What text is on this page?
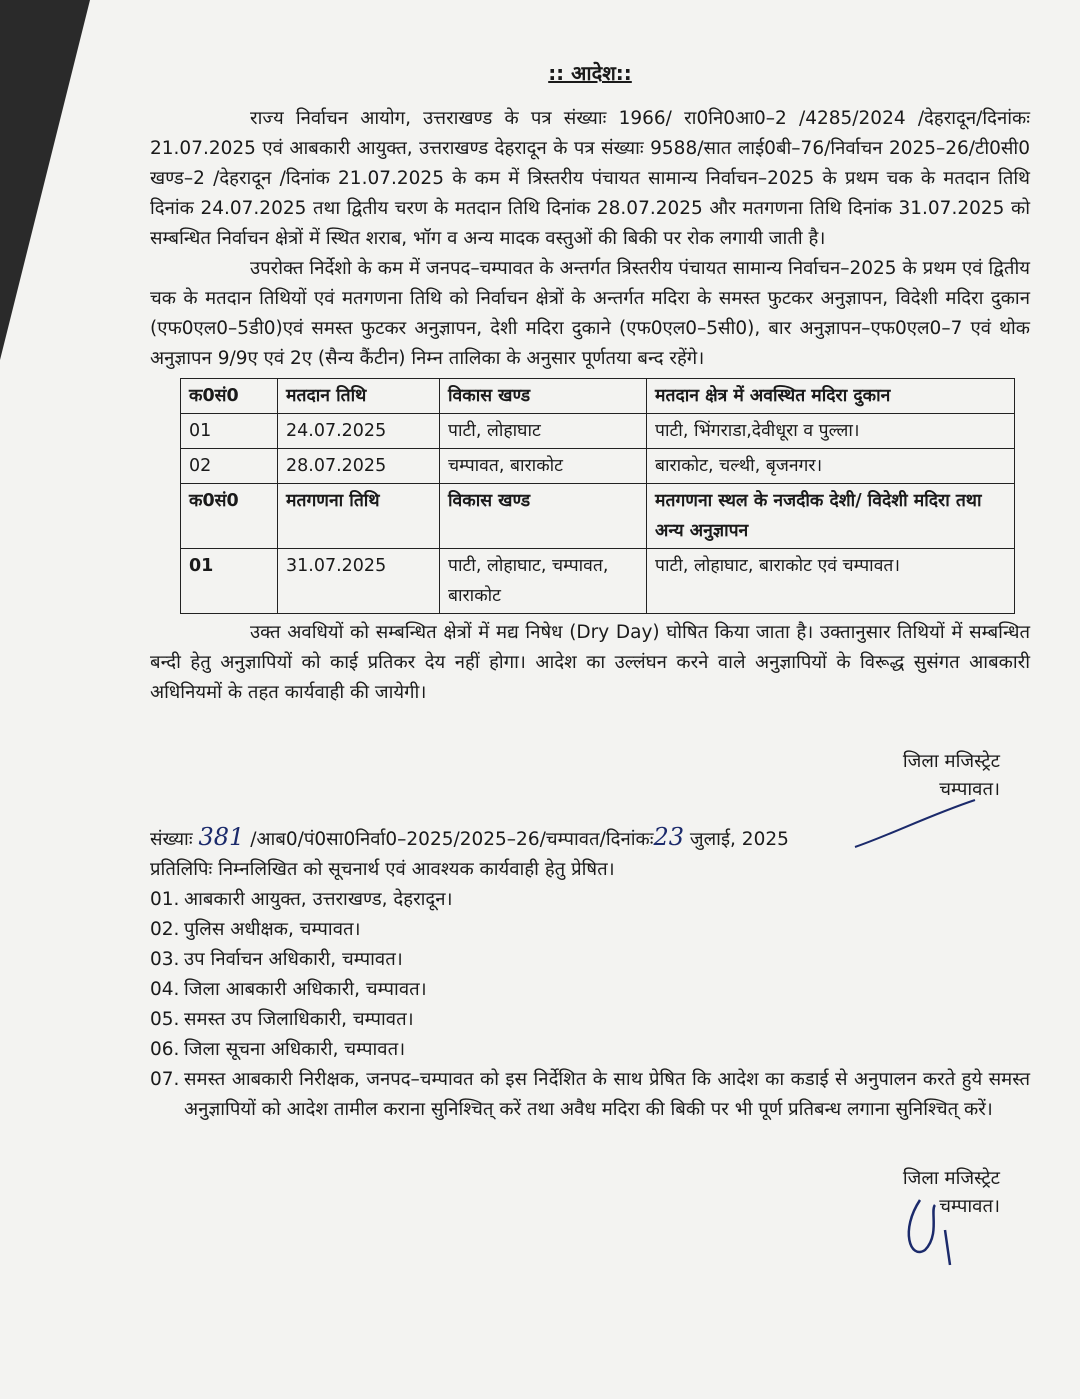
:: आदेश::

राज्य निर्वाचन आयोग, उत्तराखण्ड के पत्र संख्याः 1966/ रा0नि0आ0–2 /4285/2024 /देहरादून/दिनांकः 21.07.2025 एवं आबकारी आयुक्त, उत्तराखण्ड देहरादून के पत्र संख्याः 9588/सात लाई0बी–76/निर्वाचन 2025–26/टी0सी0 खण्ड–2 /देहरादून /दिनांक 21.07.2025 के कम में त्रिस्तरीय पंचायत सामान्य निर्वाचन–2025 के प्रथम चक के मतदान तिथि दिनांक 24.07.2025 तथा द्वितीय चरण के मतदान तिथि दिनांक 28.07.2025 और मतगणना तिथि दिनांक 31.07.2025 को सम्बन्धित निर्वाचन क्षेत्रों में स्थित शराब, भॉग व अन्य मादक वस्तुओं की बिकी पर रोक लगायी जाती है।

उपरोक्त निर्देशो के कम में जनपद–चम्पावत के अन्तर्गत त्रिस्तरीय पंचायत सामान्य निर्वाचन–2025 के प्रथम एवं द्वितीय चक के मतदान तिथियों एवं मतगणना तिथि को निर्वाचन क्षेत्रों के अन्तर्गत मदिरा के समस्त फुटकर अनुज्ञापन, विदेशी मदिरा दुकान (एफ0एल0–5डी0)एवं समस्त फुटकर अनुज्ञापन, देशी मदिरा दुकाने (एफ0एल0–5सी0), बार अनुज्ञापन–एफ0एल0–7 एवं थोक अनुज्ञापन 9/9ए एवं 2ए (सैन्य कैंटीन) निम्न तालिका के अनुसार पूर्णतया बन्द रहेंगे।

क0सं0	मतदान तिथि	विकास खण्ड	मतदान क्षेत्र में अवस्थित मदिरा दुकान
01	24.07.2025	पाटी, लोहाघाट	पाटी, भिंगराडा,देवीधूरा व पुल्ला।
02	28.07.2025	चम्पावत, बाराकोट	बाराकोट, चल्थी, बृजनगर।
क0सं0	मतगणना तिथि	विकास खण्ड	मतगणना स्थल के नजदीक देशी/ विदेशी मदिरा तथा अन्य अनुज्ञापन
01	31.07.2025	पाटी, लोहाघाट, चम्पावत, बाराकोट	पाटी, लोहाघाट, बाराकोट एवं चम्पावत।

उक्त अवधियों को सम्बन्धित क्षेत्रों में मद्य निषेध (Dry Day) घोषित किया जाता है। उक्तानुसार तिथियों में सम्बन्धित बन्दी हेतु अनुज्ञापियों को काई प्रतिकर देय नहीं होगा। आदेश का उल्लंघन करने वाले अनुज्ञापियों के विरूद्ध सुसंगत आबकारी अधिनियमों के तहत कार्यवाही की जायेगी।

जिला मजिस्ट्रेट
चम्पावत।
संख्याः 381 /आब0/पं0सा0निर्वा0–2025/2025–26/चम्पावत/दिनांकः23 जुलाई, 2025
प्रतिलिपिः निम्नलिखित को सूचनार्थ एवं आवश्यक कार्यवाही हेतु प्रेषित।
01. आबकारी आयुक्त, उत्तराखण्ड, देहरादून।
02. पुलिस अधीक्षक, चम्पावत।
03. उप निर्वाचन अधिकारी, चम्पावत।
04. जिला आबकारी अधिकारी, चम्पावत।
05. समस्त उप जिलाधिकारी, चम्पावत।
06. जिला सूचना अधिकारी, चम्पावत।
07. समस्त आबकारी निरीक्षक, जनपद–चम्पावत को इस निर्देशित के साथ प्रेषित कि आदेश का कडाई से अनुपालन करते हुये समस्त अनुज्ञापियों को आदेश तामील कराना सुनिश्चित् करें तथा अवैध मदिरा की बिकी पर भी पूर्ण प्रतिबन्ध लगाना सुनिश्चित् करें।
जिला मजिस्ट्रेट
चम्पावत।
